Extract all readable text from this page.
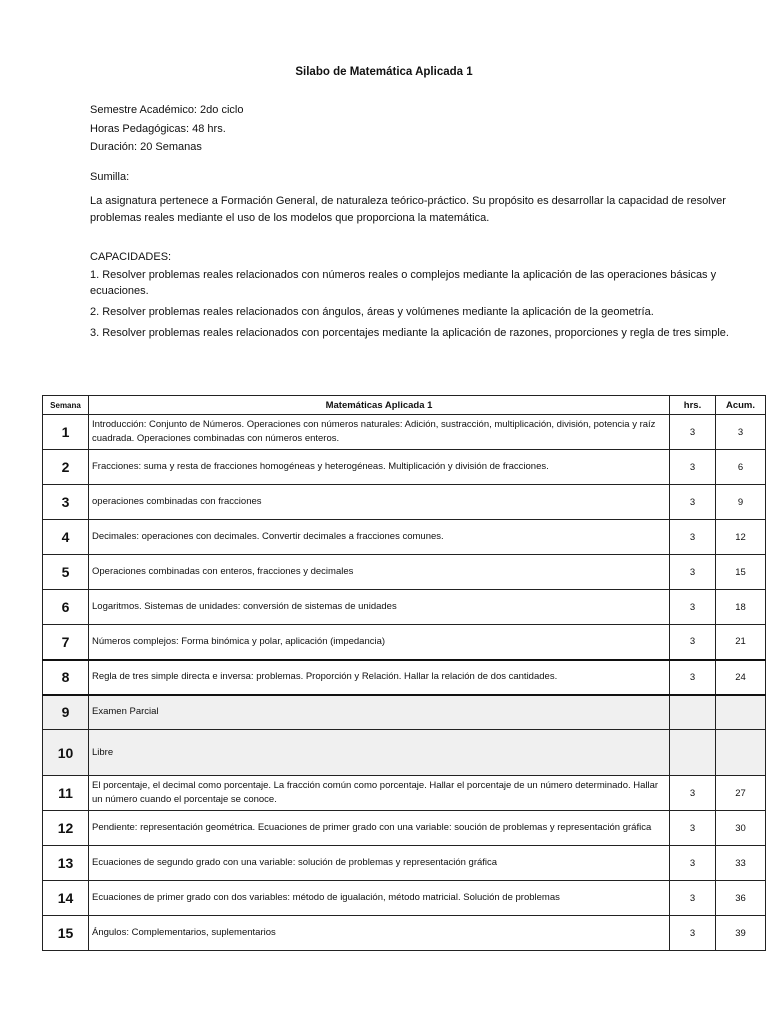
Silabo de Matemática Aplicada 1
Semestre Académico: 2do ciclo
Horas Pedagógicas: 48 hrs.
Duración: 20 Semanas
Sumilla:
La asignatura pertenece a Formación General, de naturaleza teórico-práctico. Su propósito es desarrollar la capacidad de resolver problemas reales mediante el uso de los modelos que proporciona la matemática.
CAPACIDADES:

1. Resolver problemas reales relacionados con números reales o complejos mediante la aplicación de las operaciones básicas y ecuaciones.

2. Resolver problemas reales relacionados con ángulos, áreas y volúmenes mediante la aplicación de la geometría.

3. Resolver problemas reales relacionados con porcentajes mediante la aplicación de razones, proporciones y regla de tres simple.

Semana	Matemáticas Aplicada 1	hrs.	Acum.
1	Introducción: Conjunto de Números. Operaciones con números naturales: Adición, sustracción, multiplicación, división, potencia y raíz cuadrada. Operaciones combinadas con números enteros.	3	3
2	Fracciones: suma y resta de fracciones homogéneas y heterogéneas. Multiplicación y división de fracciones.	3	6
3	operaciones combinadas con fracciones	3	9
4	Decimales: operaciones con decimales. Convertir decimales a fracciones comunes.	3	12
5	Operaciones combinadas con enteros, fracciones y decimales	3	15
6	Logaritmos. Sistemas de unidades: conversión de sistemas de unidades	3	18
7	Números complejos: Forma binómica y polar, aplicación (impedancia)	3	21
8	Regla de tres simple directa e inversa: problemas. Proporción y Relación. Hallar la relación de dos cantidades.	3	24
9	Examen Parcial		
10	Libre		
11	El porcentaje, el decimal como porcentaje. La fracción común como porcentaje. Hallar el porcentaje de un número determinado. Hallar un número cuando el porcentaje se conoce.	3	27
12	Pendiente: representación geométrica. Ecuaciones de primer grado con una variable: soución de problemas y representación gráfica	3	30
13	Ecuaciones de segundo grado con una variable: solución de problemas y representación gráfica	3	33
14	Ecuaciones de primer grado con dos variables: método de igualación, método matricial. Solución de problemas	3	36
15	Ángulos: Complementarios, suplementarios	3	39
